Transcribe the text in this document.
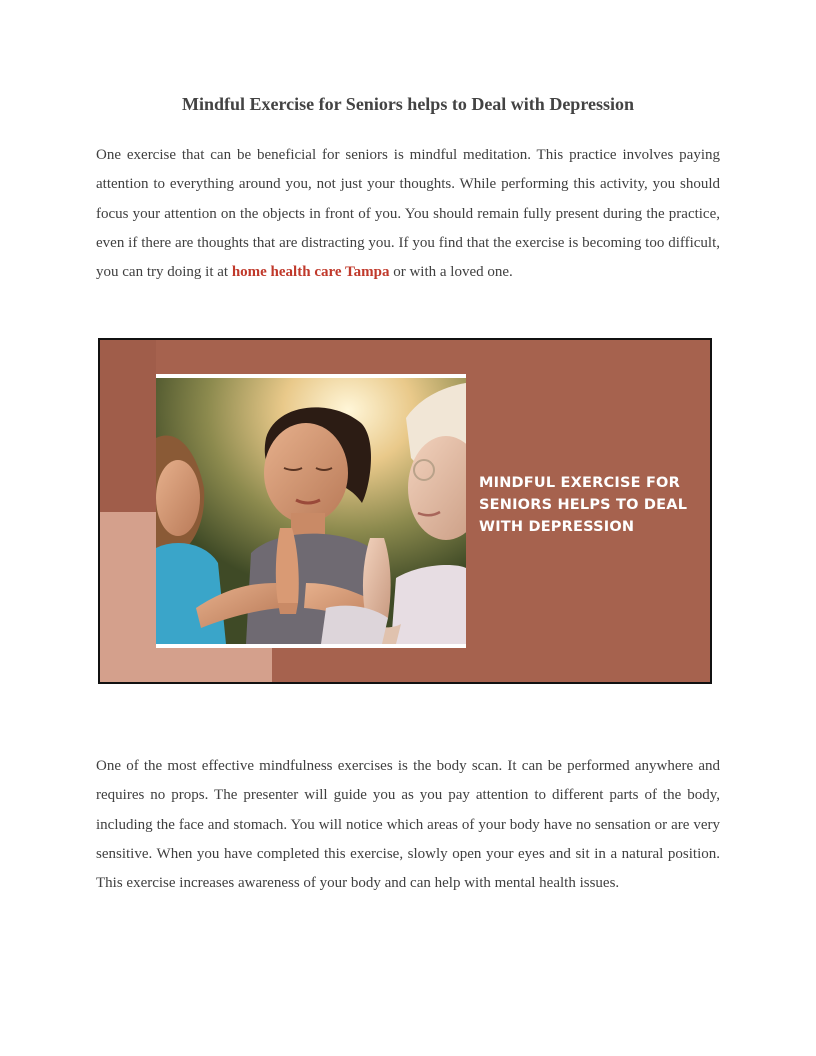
Mindful Exercise for Seniors helps to Deal with Depression

One exercise that can be beneficial for seniors is mindful meditation. This practice involves paying attention to everything around you, not just your thoughts. While performing this activity, you should focus your attention on the objects in front of you. You should remain fully present during the practice, even if there are thoughts that are distracting you. If you find that the exercise is becoming too difficult, you can try doing it at home health care Tampa or with a loved one.

MINDFUL EXERCISE FOR SENIORS HELPS TO DEAL WITH DEPRESSION

One of the most effective mindfulness exercises is the body scan. It can be performed anywhere and requires no props. The presenter will guide you as you pay attention to different parts of the body, including the face and stomach. You will notice which areas of your body have no sensation or are very sensitive. When you have completed this exercise, slowly open your eyes and sit in a natural position. This exercise increases awareness of your body and can help with mental health issues.
